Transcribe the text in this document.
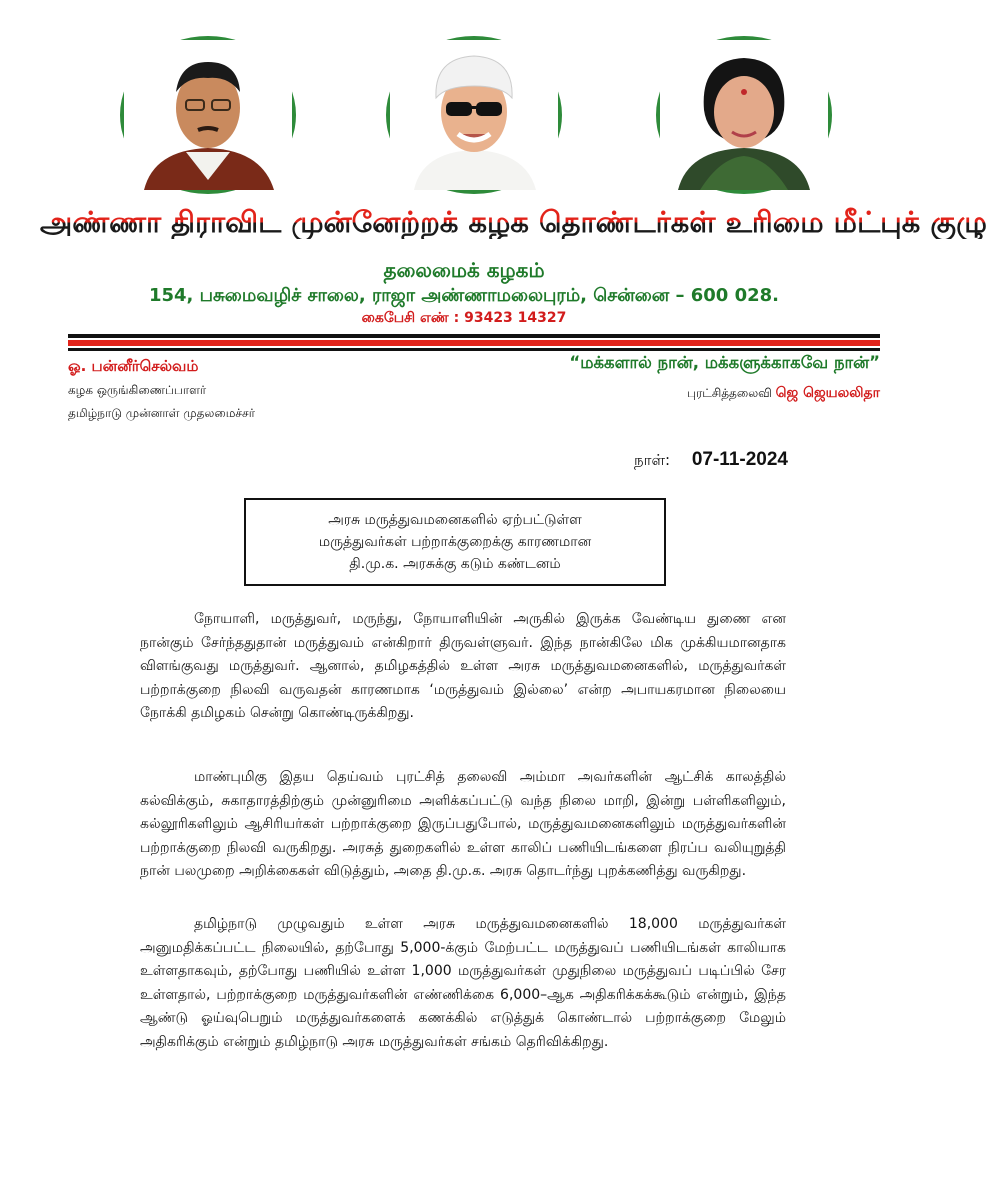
அண்ணா திராவிட முன்னேற்றக் கழக தொண்டர்கள் உரிமை மீட்புக் குழு
தலைமைக் கழகம்
154, பசுமைவழிச் சாலை, ராஜா அண்ணாமலைபுரம், சென்னை – 600 028.
கைபேசி எண் : 93423 14327
ஓ. பன்னீர்செல்வம்
கழக ஒருங்கிணைப்பாளர்
தமிழ்நாடு முன்னாள் முதலமைச்சர்
“மக்களால் நான், மக்களுக்காகவே நான்”
புரட்சித்தலைவி ஜெ ஜெயலலிதா
நாள்: 07-11-2024
அரசு மருத்துவமனைகளில் ஏற்பட்டுள்ள
மருத்துவர்கள் பற்றாக்குறைக்கு காரணமான
தி.மு.க. அரசுக்கு கடும் கண்டனம்

நோயாளி, மருத்துவர், மருந்து, நோயாளியின் அருகில் இருக்க வேண்டிய துணை என நான்கும் சேர்ந்ததுதான் மருத்துவம் என்கிறார் திருவள்ளுவர். இந்த நான்கிலே மிக முக்கியமானதாக விளங்குவது மருத்துவர். ஆனால், தமிழகத்தில் உள்ள அரசு மருத்துவமனைகளில், மருத்துவர்கள் பற்றாக்குறை நிலவி வருவதன் காரணமாக ‘மருத்துவம் இல்லை’ என்ற அபாயகரமான நிலையை நோக்கி தமிழகம் சென்று கொண்டிருக்கிறது.

மாண்புமிகு இதய தெய்வம் புரட்சித் தலைவி அம்மா அவர்களின் ஆட்சிக் காலத்தில் கல்விக்கும், சுகாதாரத்திற்கும் முன்னுரிமை அளிக்கப்பட்டு வந்த நிலை மாறி, இன்று பள்ளிகளிலும், கல்லூரிகளிலும் ஆசிரியர்கள் பற்றாக்குறை இருப்பதுபோல், மருத்துவமனைகளிலும் மருத்துவர்களின் பற்றாக்குறை நிலவி வருகிறது. அரசுத் துறைகளில் உள்ள காலிப் பணியிடங்களை நிரப்ப வலியுறுத்தி நான் பலமுறை அறிக்கைகள் விடுத்தும், அதை தி.மு.க. அரசு தொடர்ந்து புறக்கணித்து வருகிறது.

தமிழ்நாடு முழுவதும் உள்ள அரசு மருத்துவமனைகளில் 18,000 மருத்துவர்கள் அனுமதிக்கப்பட்ட நிலையில், தற்போது 5,000-க்கும் மேற்பட்ட மருத்துவப் பணியிடங்கள் காலியாக உள்ளதாகவும், தற்போது பணியில் உள்ள 1,000 மருத்துவர்கள் முதுநிலை மருத்துவப் படிப்பில் சேர உள்ளதால், பற்றாக்குறை மருத்துவர்களின் எண்ணிக்கை 6,000–ஆக அதிகரிக்கக்கூடும் என்றும், இந்த ஆண்டு ஓய்வுபெறும் மருத்துவர்களைக் கணக்கில் எடுத்துக் கொண்டால் பற்றாக்குறை மேலும் அதிகரிக்கும் என்றும் தமிழ்நாடு அரசு மருத்துவர்கள் சங்கம் தெரிவிக்கிறது.
